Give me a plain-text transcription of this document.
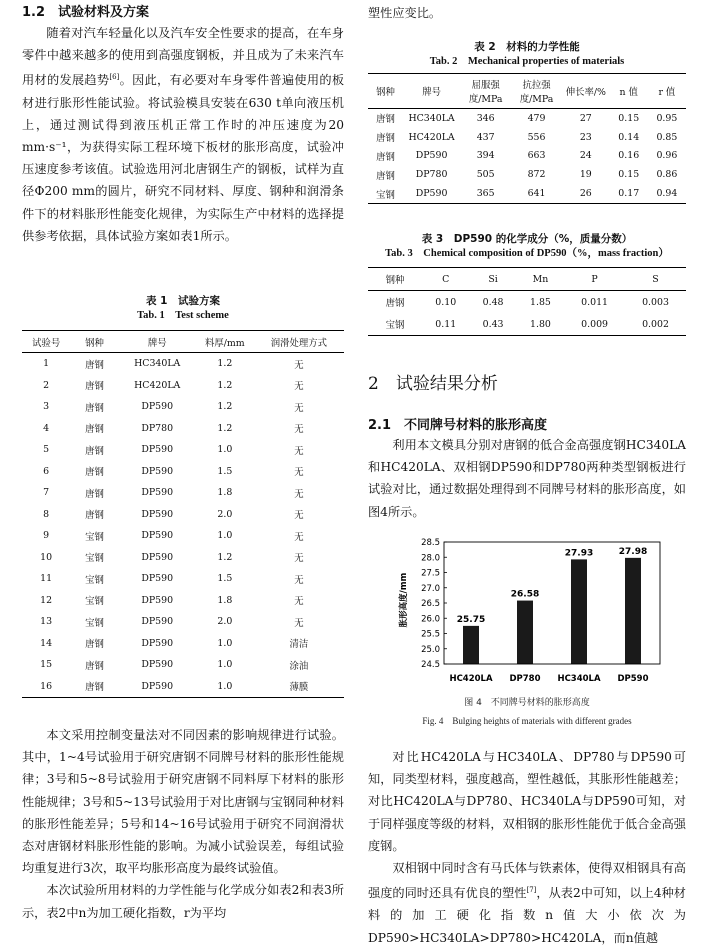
1.2　试验材料及方案

随着对汽车轻量化以及汽车安全性要求的提高，在车身零件中越来越多的使用到高强度钢板，并且成为了未来汽车用材的发展趋势[6]。因此，有必要对车身零件普遍使用的板材进行胀形性能试验。将试验模具安装在630 t单向液压机上，通过测试得到液压机正常工作时的冲压速度为20 mm·s⁻¹，为获得实际工程环境下板材的胀形高度，试验冲压速度参考该值。试验选用河北唐钢生产的钢板，试样为直径Φ200 mm的圆片，研究不同材料、厚度、钢种和润滑条件下的材料胀形性能变化规律，为实际生产中材料的选择提供参考依据，具体试验方案如表1所示。

表 1　试验方案

Tab. 1　Test scheme

试验号	钢种	牌号	料厚/mm	润滑处理方式
1	唐钢	HC340LA	1.2	无
2	唐钢	HC420LA	1.2	无
3	唐钢	DP590	1.2	无
4	唐钢	DP780	1.2	无
5	唐钢	DP590	1.0	无
6	唐钢	DP590	1.5	无
7	唐钢	DP590	1.8	无
8	唐钢	DP590	2.0	无
9	宝钢	DP590	1.0	无
10	宝钢	DP590	1.2	无
11	宝钢	DP590	1.5	无
12	宝钢	DP590	1.8	无
13	宝钢	DP590	2.0	无
14	唐钢	DP590	1.0	清洁
15	唐钢	DP590	1.0	涂油
16	唐钢	DP590	1.0	薄膜

本文采用控制变量法对不同因素的影响规律进行试验。其中，1~4号试验用于研究唐钢不同牌号材料的胀形性能规律；3号和5~8号试验用于研究唐钢不同料厚下材料的胀形性能规律；3号和5~13号试验用于对比唐钢与宝钢同种材料的胀形性能差异；5号和14~16号试验用于研究不同润滑状态对唐钢材料胀形性能的影响。为减小试验误差，每组试验均重复进行3次，取平均胀形高度为最终试验值。

本次试验所用材料的力学性能与化学成分如表2和表3所示，表2中n为加工硬化指数，r为平均

塑性应变比。

表 2　材料的力学性能

Tab. 2　Mechanical properties of materials

钢种	牌号	屈服强度/MPa	抗拉强度/MPa	伸长率/%	n 值	r 值
唐钢	HC340LA	346	479	27	0.15	0.95
唐钢	HC420LA	437	556	23	0.14	0.85
唐钢	DP590	394	663	24	0.16	0.96
唐钢	DP780	505	872	19	0.15	0.86
宝钢	DP590	365	641	26	0.17	0.94

表 3　DP590 的化学成分（%，质量分数）

Tab. 3　Chemical composition of DP590（%，mass fraction）

钢种	C	Si	Mn	P	S
唐钢	0.10	0.48	1.85	0.011	0.003
宝钢	0.11	0.43	1.80	0.009	0.002

2　试验结果分析

2.1　不同牌号材料的胀形高度

利用本文模具分别对唐钢的低合金高强度钢HC340LA和HC420LA、双相钢DP590和DP780两种类型钢板进行试验对比，通过数据处理得到不同牌号材料的胀形高度，如图4所示。

胀形高度/mm
24.5
25.0
25.5
26.0
26.5
27.0
27.5
28.0
28.5
25.75
26.58
27.93	27.98
HC420LA DP780 HC340LA DP590

图 4　不同牌号材料的胀形高度

Fig. 4　Bulging heights of materials with different grades

对比HC420LA与HC340LA、DP780与DP590可知，同类型材料，强度越高，塑性越低，其胀形性能越差；对比HC420LA与DP780、HC340LA与DP590可知，对于同样强度等级的材料，双相钢的胀形性能优于低合金高强度钢。

双相钢中同时含有马氏体与铁素体，使得双相钢具有高强度的同时还具有优良的塑性[7]，从表2中可知，以上4种材料的加工硬化指数n值大小依次为DP590>HC340LA>DP780>HC420LA，而n值越
